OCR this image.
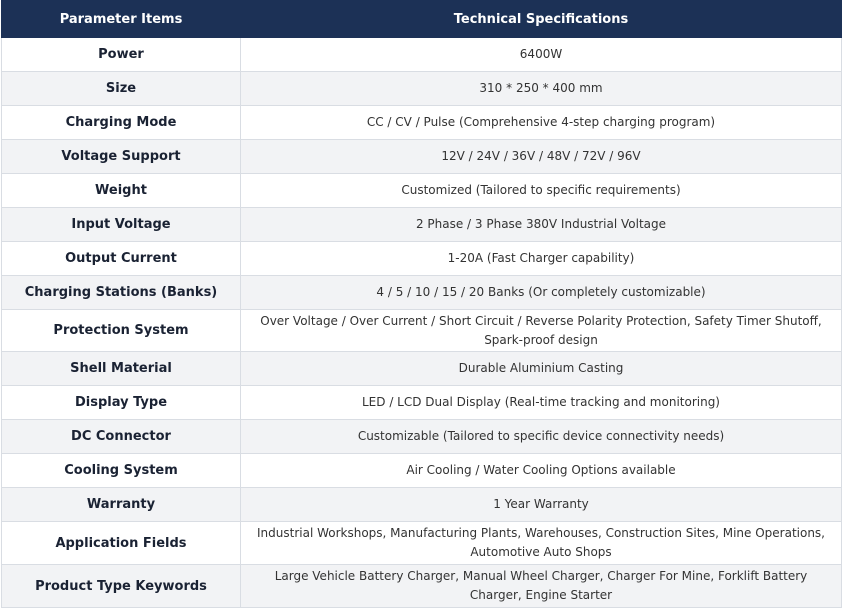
Parameter Items	Technical Specifications
Power	6400W
Size	310 * 250 * 400 mm
Charging Mode	CC / CV / Pulse (Comprehensive 4-step charging program)
Voltage Support	12V / 24V / 36V / 48V / 72V / 96V
Weight	Customized (Tailored to specific requirements)
Input Voltage	2 Phase / 3 Phase 380V Industrial Voltage
Output Current	1-20A (Fast Charger capability)
Charging Stations (Banks)	4 / 5 / 10 / 15 / 20 Banks (Or completely customizable)
Protection System	Over Voltage / Over Current / Short Circuit / Reverse Polarity Protection, Safety Timer Shutoff, Spark-proof design
Shell Material	Durable Aluminium Casting
Display Type	LED / LCD Dual Display (Real-time tracking and monitoring)
DC Connector	Customizable (Tailored to specific device connectivity needs)
Cooling System	Air Cooling / Water Cooling Options available
Warranty	1 Year Warranty
Application Fields	Industrial Workshops, Manufacturing Plants, Warehouses, Construction Sites, Mine Operations, Automotive Auto Shops
Product Type Keywords	Large Vehicle Battery Charger, Manual Wheel Charger, Charger For Mine, Forklift Battery Charger, Engine Starter
